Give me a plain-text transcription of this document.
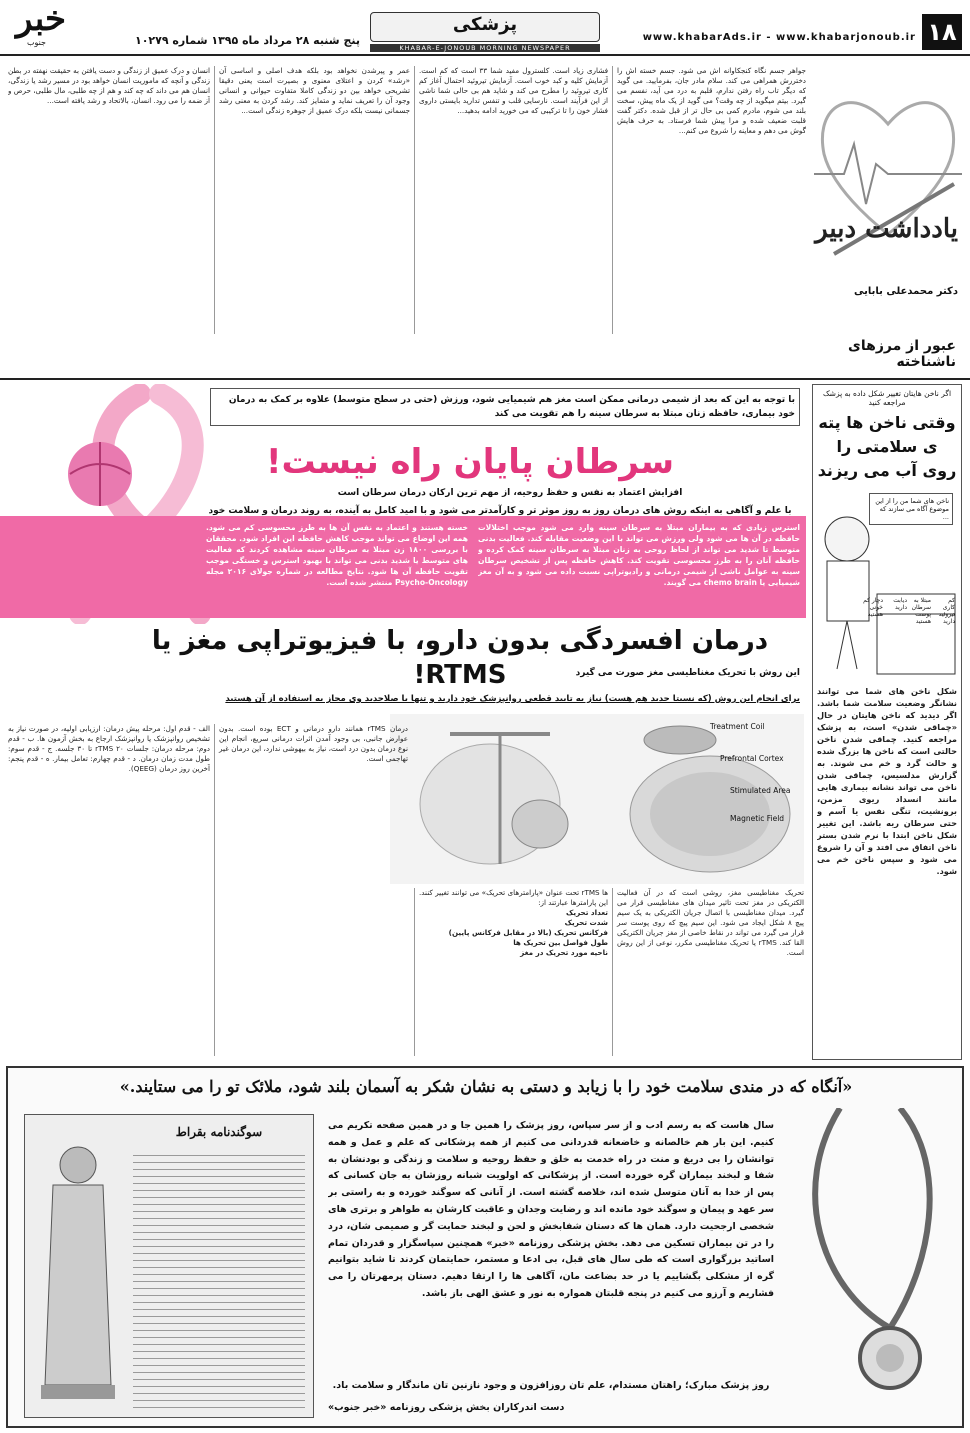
۱۸
www.khabarAds.ir - www.khabarjonoub.ir
پزشکی
KHABAR-E-JONOUB MORNING NEWSPAPER
پنج شنبه ۲۸ مرداد ماه ۱۳۹۵ شماره ۱۰۲۷۹
خبر
جنوب
یادداشت دبیر
دکتر محمدعلی بابایی
عبور از مرزهای ناشناخته
جواهر جسم نگاه کنجکاوانه اش می شود. جسم خسته اش را دختررش همراهی می کند. سلام مادر جان، بفرمایید. می گوید که دیگر تاب راه رفتن ندارم، قلبم به درد می آید، نفسم می گیرد. بیتم میگوید از چه وقت؟ می گوید از یک ماه پیش، سخت بلند می شوم، مادرم کمی بی حال تر از قبل شده. دکتر گفت قلبت ضعیف شده و مرا پیش شما فرستاد. به حرف هایش گوش می دهم و معاینه را شروع می کنم...
فشاری زیاد است. کلسترول مفید شما ۳۳ است که کم است. آزمایش کلیه و کبد خوب است. آزمایش تیروئید احتمال آغاز کم کاری تیروئید را مطرح می کند و شاید هم بی حالی شما ناشی از این فرآیند است. نارسایی قلب و تنفس تدارید بایستی داروی فشار خون را تا ترکیبی که می خورید ادامه بدهید...
عمر و پیرشدن نخواهد بود بلکه هدف اصلی و اساسی آن «رشد» کردن و اعتلای معنوی و بصیرت است یعنی دقیقا تشریحی خواهد بین دو زندگی کاملا متفاوت حیوانی و انسانی وجود آن را تعریف نماید و متمایز کند. رشد کردن به معنی رشد جسمانی نیست بلکه درک عمیق از جوهره زندگی است...
انسان و درک عمیق از زندگی و دست یافتن به حقیقت نهفته در بطن زندگی و آنچه که ماموریت انسان خواهد بود در مسیر رشد یا زندگی، انسان هم می داند که چه کند و هم از چه طلبی، مال طلبی، حرص و آز ضمه را می رود. انسان، بالاتحاد و رشد یافته است...
اگر ناخن هایتان تغییر شکل داده به پزشک مراجعه کنید
وقتی ناخن ها پته ی سلامتی را روی آب می ریزند
ناخن های شما من را از این موضوع آگاه می سازند که ...
کم کاری تیروئید دارید
مبتلا به سرطان پوست هستید
دیابت دارید
دچار کم خونی هستید
شکل ناخن های شما می توانند نشانگر وضعیت سلامت شما باشد. اگر دیدید که ناخن هایتان در حال «چماقی شدن» است، به پزشک مراجعه کنید. چماقی شدن ناخن حالتی است که ناخن ها بزرگ شده و حالت گرد و خم می شوند. به گزارش مدلسیس، چماقی شدن ناخن می تواند نشانه بیماری هایی مانند انسداد ریوی مزمن، برونشیت، تنگی نفس یا آسم و حتی سرطان ریه باشد. این تغییر شکل ناخن ابتدا با نرم شدن بستر ناخن اتفاق می افتد و آن را شروع می شود و سپس ناخن خم می شود.
با توجه به این که بعد از شیمی درمانی ممکن است مغز هم شیمیایی شود، ورزش (حتی در سطح متوسط) علاوه بر کمک به درمان خود بیماری، حافظه زنان مبتلا به سرطان سینه را هم تقویت می کند
سرطان پایان راه نیست!
افزایش اعتماد به نفس و حفظ روحیه، از مهم ترین ارکان درمان سرطان است
با علم و آگاهی به اینکه روش های درمان روز به روز موثر تر و کارآمدتر می شود و با امید کامل به آینده، به روند درمان و سلامت خود
استرس زیادی که به بیماران مبتلا به سرطان سینه وارد می شود موجب اختلالات حافظه در آن ها می شود ولی ورزش می تواند با این وضعیت مقابله کند. فعالیت بدنی متوسط تا شدید می تواند از لحاظ روحی به زنان مبتلا به سرطان سینه کمک کرده و حافظه آنان را به طرز محسوسی تقویت کند. کاهش حافظه پس از تشخیص سرطان سینه به عوامل ناشی از شیمی درمانی و رادیوتراپی نسبت داده می شود و به آن مغز شیمیایی یا chemo brain می گویند.
خسته هستند و اعتماد به نفس آن ها به طرز محسوسی کم می شود. همه این اوضاع می تواند موجب کاهش حافظه این افراد شود. محققان با بررسی ۱۸۰۰ زن مبتلا به سرطان سینه مشاهده کردند که فعالیت های متوسط یا شدید بدنی می تواند با بهبود استرس و خستگی موجب تقویت حافظه آن ها شود. نتایج مطالعه در شماره جولای ۲۰۱۶ مجله Psycho-Oncology منتشر شده است.
درمان افسردگی بدون دارو، با فیزیوتراپی مغز یا RTMS!	این روش با تحریک مغناطیسی مغز صورت می گیرد
برای انجام این روش (که نسبتا جدید هم هست) نیاز به تایید قطعی روانپزشک خود دارید و تنها با صلاحدید وی مجاز به استفاده از آن هستید
Treatment Coil
Prefrontal Cortex
Stimulated Area
Magnetic Field
تحریک مغناطیسی مغز، روشی است که در آن فعالیت الکتریکی در مغز تحت تاثیر میدان های مغناطیسی قرار می گیرد. میدان مغناطیسی با اتصال جریان الکتریکی به یک سیم پیچ ۸ شکل ایجاد می شود. این سیم پیچ که روی پوست سر قرار می گیرد می تواند در نقاط خاصی از مغز جریان الکتریکی القا کند. rTMS یا تحریک مغناطیسی مکرر، نوعی از این روش است.
ها rTMS تحت عنوان «پارامترهای تحریک» می توانند تغییر کنند. این پارامترها عبارتند از:
تعداد تحریک
شدت تحریک
فرکانس تحریک (بالا در مقابل فرکانس پایین)
طول فواصل بین تحریک ها
ناحیه مورد تحریک در مغز
درمان rTMS همانند دارو درمانی و ECT بوده است. بدون عوارض جانبی، بی وجود آمدن اثرات درمانی سریع، انجام این نوع درمان بدون درد است، نیاز به بیهوشی ندارد، این درمان غیر تهاجمی است.
الف - قدم اول: مرحله پیش درمان: ارزیابی اولیه، در صورت نیاز به تشخیص روانپزشک یا روانپزشک ارجاع به بخش آزمون ها. ب - قدم دوم: مرحله درمان: جلسات rTMS ۲۰ تا ۳۰ جلسه. ج - قدم سوم: طول مدت زمان درمان. د - قدم چهارم: تعامل بیمار. ه - قدم پنجم: آخرین روز درمان (QEEG).
«آنگاه که در مندی سلامت خود را با زیابد و دستی به نشان شکر به آسمان بلند شود، ملائک تو را می ستایند.»
سوگندنامه بقراط	سال هاست که به رسم ادب و از سر سپاس، روز پزشک را همین جا و در همین صفحه تکریم می کنیم. این بار هم خالصانه و خاضعانه قدردانی می کنیم از همه پزشکانی که علم و عمل و همه توانشان را بی دریغ و منت در راه خدمت به خلق و حفظ روحیه و سلامت و زندگی و بودنشان به شفا و لبخند بیماران گره خورده است. از پزشکانی که اولویت شبانه روزشان به جان کسانی که پس از خدا به آنان متوسل شده اند، خلاصه گشته است. از آنانی که سوگند خورده و به راستی بر سر عهد و پیمان و سوگند خود مانده اند و رضایت وجدان و عاقبت کارشان به طواهر و برتری های شخصی ارجحیت دارد. همان ها که دستان شفابخش و لحن و لبخند حمایت گر و صمیمی شان، درد را در تن بیماران تسکین می دهد. بخش پزشکی روزنامه «خبر» همچنین سپاسگزار و قدردان تمام اساتید بزرگواری است که طی سال های قبل، بی ادعا و مستمر، حمایتمان کردند تا شاید بتوانیم گره از مشکلی بگشاییم یا در حد بضاعت مان، آگاهی ها را ارتقا دهیم. دستان پرمهرتان را می فشاریم و آرزو می کنیم در پنجه قلبتان همواره به نور و عشق الهی باز باشد.
روز پزشک مبارک؛ راهتان مستدام، علم تان روزافزون و وجود نازنین تان ماندگار و سلامت باد.
دست اندرکاران بخش پزشکی روزنامه «خبر جنوب»
